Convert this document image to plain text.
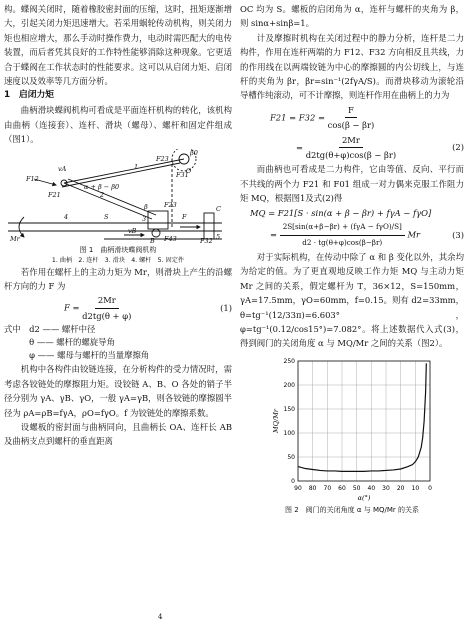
构。蝶阀关闭时，随着橡胶密封面的压缩，这时，扭矩逐渐增大，引起关闭力矩迅速增大。若采用蜗轮传动机构，则关闭力矩也相应增大，那么手动时操作费力，电动时需匹配大的电传装置，而后者凭其良好的工作特性能够消除这种现象。它更适合于蝶阀在工作状态时的性能要求。这可以从启闭力矩、启闭速度以及效率等几方面分析。

1　启闭力矩

曲柄滑块蝶阀机构可看成是平面连杆机构的转化，该机构由曲柄（连接套）、连杆、滑块（螺母）、螺杆和固定件组成（图1）。

F23
O
β0
F31
vA
α + β − β0
F12
F21
1
2
β F23
F
F43
vB
B
C
F32
3
4
5
Mr
S
图 1　曲柄滑块蝶阀机构
1. 曲柄　2. 连杆　3. 滑块　4. 螺杆　5. 固定件

若作用在螺杆上的主动力矩为 Mr，则滑块上产生的沿螺杆方向的力 F 为

$F = \frac{2Mr}{d2tg(\theta + \varphi)}$	(1)
式中　d2 —— 螺杆中径
　　　θ —— 螺杆的螺旋导角
　　　φ —— 螺母与螺杆的当量摩擦角

机构中各构件由铰链连接，在分析构件的受力情况时，需考虑各铰链处的摩擦阻力矩。设铰链 A、B、O 各处的销子半径分别为 γA、γB、γO，一般 γA=γB，则各铰链的摩擦圆半径为 ρA=ρB=fγA，ρO=fγO。f 为铰链处的摩擦系数。

设螺板的密封面与曲柄同向，且曲柄长 OA、连杆长 AB 及曲柄支点到螺杆的垂直距离

OC 均为 S。螺板的启闭角为 α，连杆与螺杆的夹角为 β，则 sinα+sinβ=1。

计及摩擦时机构在关闭过程中的静力分析，连杆是二力构件，作用在连杆两端的力 F12、F32 方向相反且共线，力的作用线在以两端铰链为中心的摩擦圆的内公切线上，与连杆的夹角为 βr，βr=sin⁻¹(2fγA/S)。而滑块移动为滚轮沿导槽作纯滚动，可不计摩擦，则连杆作用在曲柄上的力为

$F21 = F32 = \frac{F}{\cos(\beta - \beta r)}$
= $\frac{2Mr}{d2tg(\theta+\varphi)\cos(\beta - \beta r)}$	(2)

而曲柄也可看成是二力构件，它由等值、反向、平行而不共线的两个力 F21 和 F01 组成一对力偶来克服工作阻力矩 MQ，根据图1及式(2)得

MQ = F21[S · sin(α + β − βr) + fγA − fγO]
= $\frac{\text{2S[sin(α+β−βr) + (fγA − fγO)/S]}}{d2 \cdot tg(\theta+\varphi)\cos(\beta-\beta r)}$ Mr	(3)

对于实际机构，在传动中除了 α 和 β 变化以外，其余均为给定的值。为了更直观地反映工作力矩 MQ 与主动力矩 Mr 之间的关系，假定螺杆为 T，36×12，S=150mm，γA=17.5mm，γO=60mm，f=0.15。则有 d2=33mm，θ=tg⁻¹(12/33π)=6.603°，φ=tg⁻¹(0.12/cos15°)=7.082°。将上述数据代入式(3)，得到阀门的关闭角度 α 与 MQ/Mr 之间的关系（图2）。

90 80 70 60 50 40 30 20 10 0
0
50
100
150
200
250
α(°)
MQ/Mr
图 2　阀门的关闭角度 α 与 MQ/Mr 的关系
4
